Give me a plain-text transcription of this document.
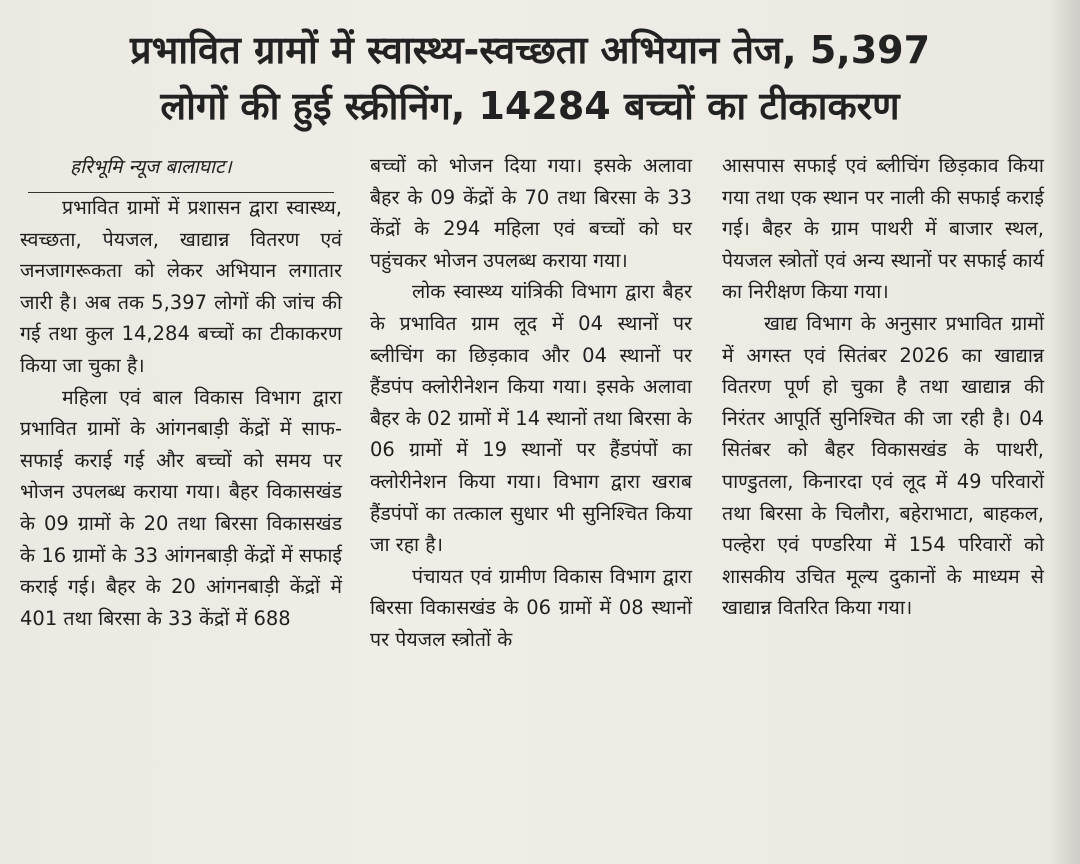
प्रभावित ग्रामों में स्वास्थ्य-स्वच्छता अभियान तेज, 5,397
लोगों की हुई स्क्रीनिंग, 14284 बच्चों का टीकाकरण
हरिभूमि न्यूज बालाघाट।

प्रभावित ग्रामों में प्रशासन द्वारा स्वास्थ्य, स्वच्छता, पेयजल, खाद्यान्न वितरण एवं जनजागरूकता को लेकर अभियान लगातार जारी है। अब तक 5,397 लोगों की जांच की गई तथा कुल 14,284 बच्चों का टीकाकरण किया जा चुका है।

महिला एवं बाल विकास विभाग द्वारा प्रभावित ग्रामों के आंगनबाड़ी केंद्रों में साफ-सफाई कराई गई और बच्चों को समय पर भोजन उपलब्ध कराया गया। बैहर विकासखंड के 09 ग्रामों के 20 तथा बिरसा विकासखंड के 16 ग्रामों के 33 आंगनबाड़ी केंद्रों में सफाई कराई गई। बैहर के 20 आंगनबाड़ी केंद्रों में 401 तथा बिरसा के 33 केंद्रों में 688

बच्चों को भोजन दिया गया। इसके अलावा बैहर के 09 केंद्रों के 70 तथा बिरसा के 33 केंद्रों के 294 महिला एवं बच्चों को घर पहुंचकर भोजन उपलब्ध कराया गया।

लोक स्वास्थ्य यांत्रिकी विभाग द्वारा बैहर के प्रभावित ग्राम लूद में 04 स्थानों पर ब्लीचिंग का छिड़काव और 04 स्थानों पर हैंडपंप क्लोरीनेशन किया गया। इसके अलावा बैहर के 02 ग्रामों में 14 स्थानों तथा बिरसा के 06 ग्रामों में 19 स्थानों पर हैंडपंपों का क्लोरीनेशन किया गया। विभाग द्वारा खराब हैंडपंपों का तत्काल सुधार भी सुनिश्चित किया जा रहा है।

पंचायत एवं ग्रामीण विकास विभाग द्वारा बिरसा विकासखंड के 06 ग्रामों में 08 स्थानों पर पेयजल स्त्रोतों के

आसपास सफाई एवं ब्लीचिंग छिड़काव किया गया तथा एक स्थान पर नाली की सफाई कराई गई। बैहर के ग्राम पाथरी में बाजार स्थल, पेयजल स्त्रोतों एवं अन्य स्थानों पर सफाई कार्य का निरीक्षण किया गया।

खाद्य विभाग के अनुसार प्रभावित ग्रामों में अगस्त एवं सितंबर 2026 का खाद्यान्न वितरण पूर्ण हो चुका है तथा खाद्यान्न की निरंतर आपूर्ति सुनिश्चित की जा रही है। 04 सितंबर को बैहर विकासखंड के पाथरी, पाण्डुतला, किनारदा एवं लूद में 49 परिवारों तथा बिरसा के चिलौरा, बहेराभाटा, बाहकल, पल्हेरा एवं पण्डरिया में 154 परिवारों को शासकीय उचित मूल्य दुकानों के माध्यम से खाद्यान्न वितरित किया गया।
